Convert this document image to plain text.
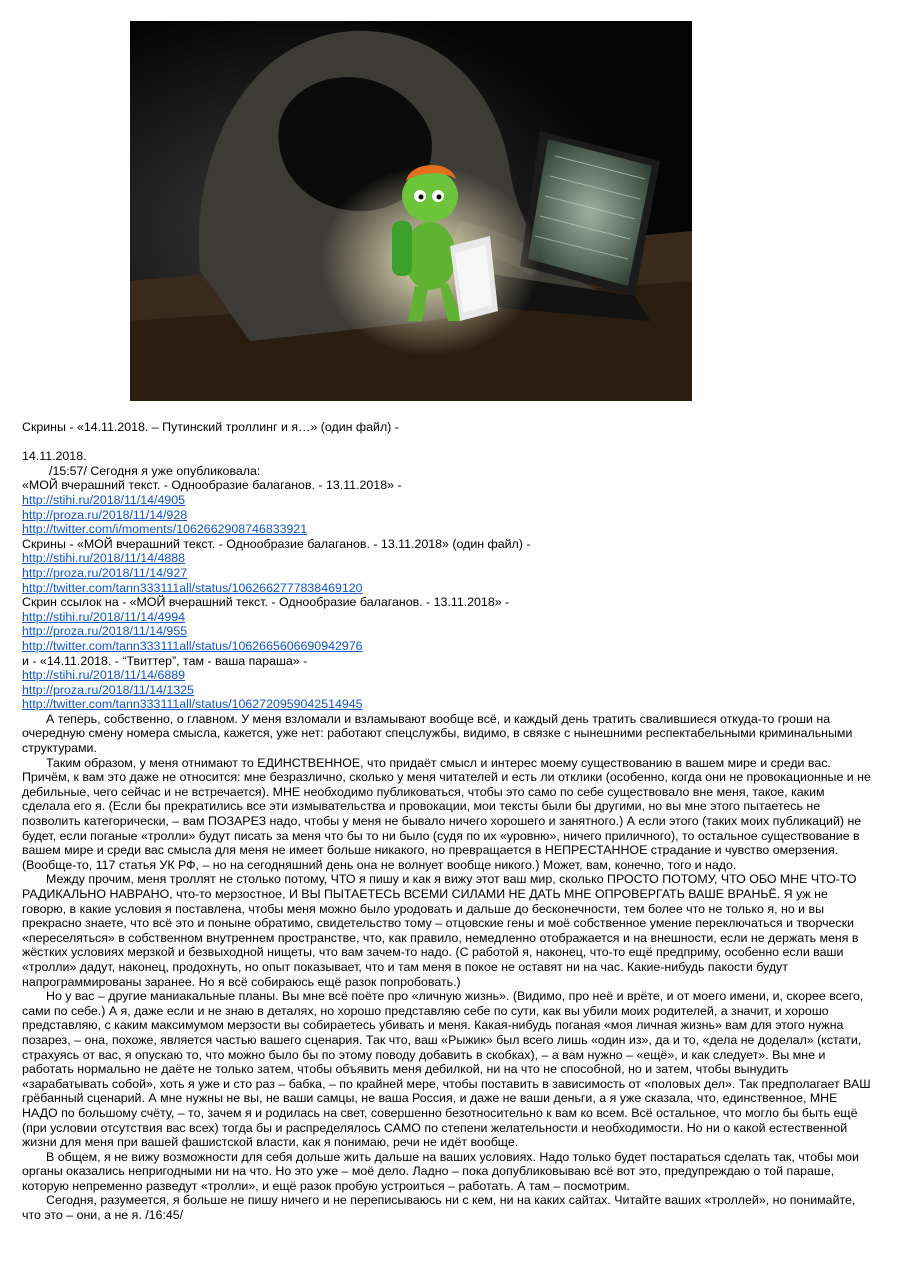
Скрины - «14.11.2018. – Путинский троллинг и я…» (один файл) -

14.11.2018.

/15:57/ Сегодня я уже опубликовала:

«МОЙ вчерашний текст. - Однообразие балаганов. - 13.11.2018» -

http://stihi.ru/2018/11/14/4905

http://proza.ru/2018/11/14/928

http://twitter.com/i/moments/1062662908746833921

Скрины - «МОЙ вчерашний текст. - Однообразие балаганов. - 13.11.2018» (один файл) -

http://stihi.ru/2018/11/14/4888

http://proza.ru/2018/11/14/927

http://twitter.com/tann333111all/status/1062662777838469120

Скрин ссылок на - «МОЙ вчерашний текст. - Однообразие балаганов. - 13.11.2018» -

http://stihi.ru/2018/11/14/4994

http://proza.ru/2018/11/14/955

http://twitter.com/tann333111all/status/1062665606690942976

и - «14.11.2018. - “Твиттер”, там - ваша параша» -

http://stihi.ru/2018/11/14/6889

http://proza.ru/2018/11/14/1325

http://twitter.com/tann333111all/status/1062720959042514945

А теперь, собственно, о главном. У меня взломали и взламывают вообще всё, и каждый день тратить свалившиеся откуда-то гроши на очередную смену номера смысла, кажется, уже нет: работают спецслужбы, видимо, в связке с нынешними респектабельными криминальными структурами.

Таким образом, у меня отнимают то ЕДИНСТВЕННОЕ, что придаёт смысл и интерес моему существованию в вашем мире и среди вас. Причём, к вам это даже не относится: мне безразлично, сколько у меня читателей и есть ли отклики (особенно, когда они не провокационные и не дебильные, чего сейчас и не встречается). МНЕ необходимо публиковаться, чтобы это само по себе существовало вне меня, такое, каким сделала его я. (Если бы прекратились все эти измывательства и провокации, мои тексты были бы другими, но вы мне этого пытаетесь не позволить категорически, – вам ПОЗАРЕЗ надо, чтобы у меня не бывало ничего хорошего и занятного.) А если этого (таких моих публикаций) не будет, если поганые «тролли» будут писать за меня что бы то ни было (судя по их «уровню», ничего приличного), то остальное существование в вашем мире и среди вас смысла для меня не имеет больше никакого, но превращается в НЕПРЕСТАННОЕ страдание и чувство омерзения. (Вообще-то, 117 статья УК РФ, – но на сегодняшний день она не волнует вообще никого.) Может, вам, конечно, того и надо.

Между прочим, меня троллят не столько потому, ЧТО я пишу и как я вижу этот ваш мир, сколько ПРОСТО ПОТОМУ, ЧТО ОБО МНЕ ЧТО-ТО РАДИКАЛЬНО НАВРАНО, что-то мерзостное, И ВЫ ПЫТАЕТЕСЬ ВСЕМИ СИЛАМИ НЕ ДАТЬ МНЕ ОПРОВЕРГАТЬ ВАШЕ ВРАНЬЁ. Я уж не говорю, в какие условия я поставлена, чтобы меня можно было уродовать и дальше до бесконечности, тем более что не только я, но и вы прекрасно знаете, что всё это и поныне обратимо, свидетельство тому – отцовские гены и моё собственное умение переключаться и творчески «переселяться» в собственном внутреннем пространстве, что, как правило, немедленно отображается и на внешности, если не держать меня в жёстких условиях мерзкой и безвыходной нищеты, что вам зачем-то надо. (С работой я, наконец, что-то ещё предприму, особенно если ваши «тролли» дадут, наконец, продохнуть, но опыт показывает, что и там меня в покое не оставят ни на час. Какие-нибудь пакости будут напрограммированы заранее. Но я всё собираюсь ещё разок попробовать.)

Но у вас – другие маниакальные планы. Вы мне всё поёте про «личную жизнь». (Видимо, про неё и врёте, и от моего имени, и, скорее всего, сами по себе.) А я, даже если и не знаю в деталях, но хорошо представляю себе по сути, как вы убили моих родителей, а значит, и хорошо представляю, с каким максимумом мерзости вы собираетесь убивать и меня. Какая-нибудь поганая «моя личная жизнь» вам для этого нужна позарез, – она, похоже, является частью вашего сценария. Так что, ваш «Рыжик» был всего лишь «один из», да и то, «дела не доделал» (кстати, страхуясь от вас, я опускаю то, что можно было бы по этому поводу добавить в скобках), – а вам нужно – «ещё», и как следует». Вы мне и работать нормально не даёте не только затем, чтобы объявить меня дебилкой, ни на что не способной, но и затем, чтобы вынудить «зарабатывать собой», хоть я уже и сто раз – бабка, – по крайней мере, чтобы поставить в зависимость от «половых дел». Так предполагает ВАШ грёбанный сценарий. А мне нужны не вы, не ваши самцы, не ваша Россия, и даже не ваши деньги, а я уже сказала, что, единственное, МНЕ НАДО по большому счёту, – то, зачем я и родилась на свет, совершенно безотносительно к вам ко всем. Всё остальное, что могло бы быть ещё (при условии отсутствия вас всех) тогда бы и распределялось САМО по степени желательности и необходимости. Но ни о какой естественной жизни для меня при вашей фашистской власти, как я понимаю, речи не идёт вообще.

В общем, я не вижу возможности для себя дольше жить дальше на ваших условиях. Надо только будет постараться сделать так, чтобы мои органы оказались непригодными ни на что. Но это уже – моё дело. Ладно – пока допубликовываю всё вот это, предупреждаю о той параше, которую непременно разведут «тролли», и ещё разок пробую устроиться – работать. А там – посмотрим.

Сегодня, разумеется, я больше не пишу ничего и не переписываюсь ни с кем, ни на каких сайтах. Читайте ваших «троллей», но понимайте, что это – они, а не я. /16:45/
